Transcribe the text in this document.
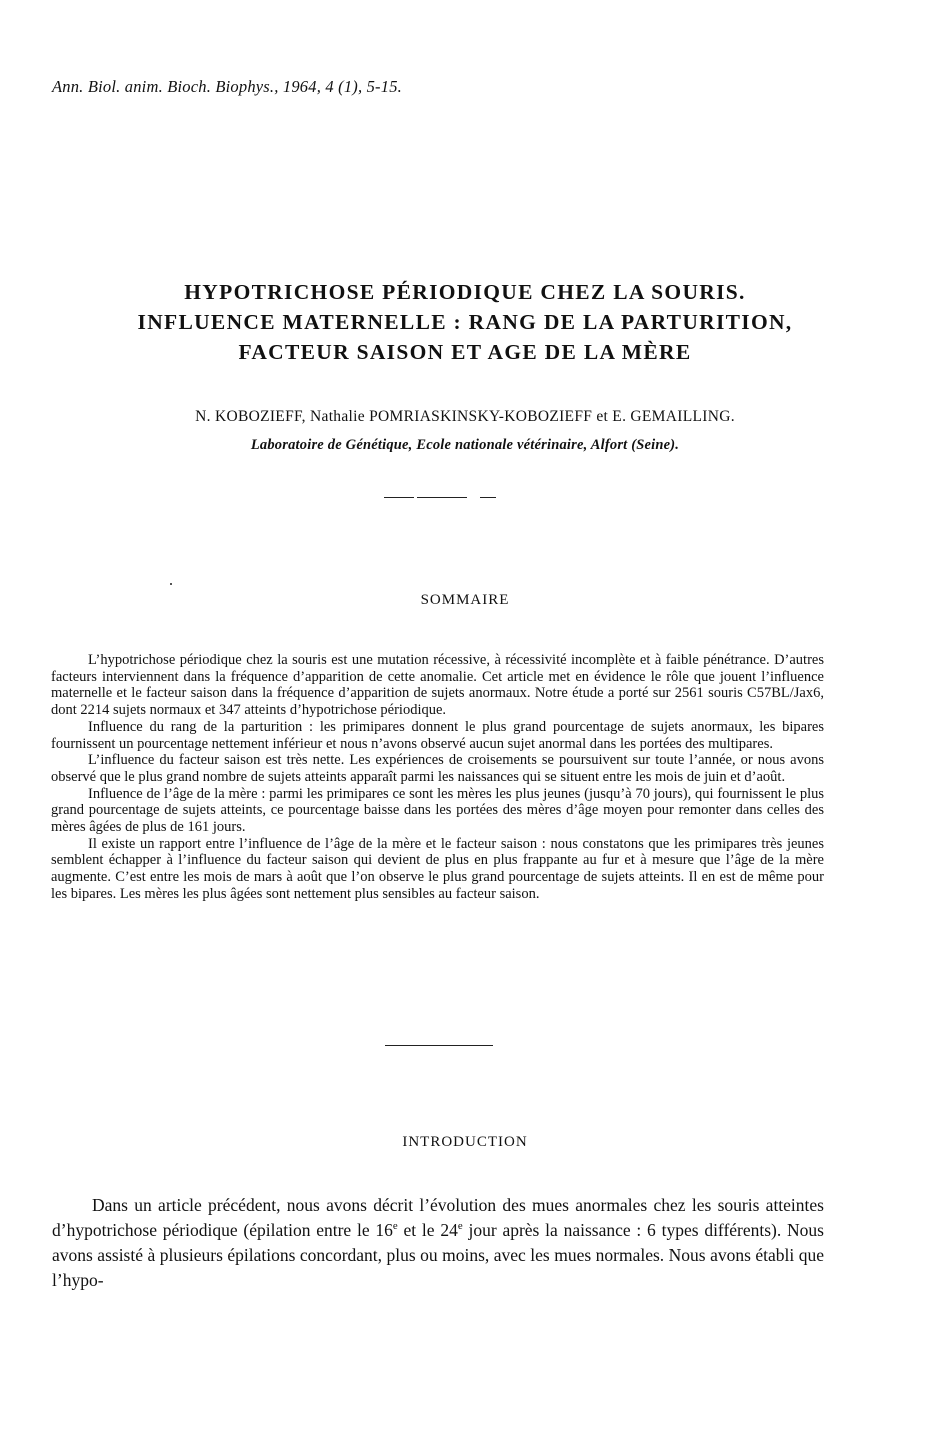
Ann. Biol. anim. Bioch. Biophys., 1964, 4 (1), 5-15.
HYPOTRICHOSE PÉRIODIQUE CHEZ LA SOURIS.
INFLUENCE MATERNELLE : RANG DE LA PARTURITION,
FACTEUR SAISON ET AGE DE LA MÈRE
N. KOBOZIEFF, Nathalie POMRIASKINSKY-KOBOZIEFF et E. GEMAILLING.
Laboratoire de Génétique, Ecole nationale vétérinaire, Alfort (Seine).
SOMMAIRE

L’hypotrichose périodique chez la souris est une mutation récessive, à récessivité incomplète et à faible pénétrance. D’autres facteurs interviennent dans la fréquence d’apparition de cette anomalie. Cet article met en évidence le rôle que jouent l’influence maternelle et le facteur saison dans la fréquence d’apparition de sujets anormaux. Notre étude a porté sur 2561 souris C57BL/Jax6, dont 2214 sujets normaux et 347 atteints d’hypotrichose périodique.

Influence du rang de la parturition : les primipares donnent le plus grand pourcentage de sujets anormaux, les bipares fournissent un pourcentage nettement inférieur et nous n’avons observé aucun sujet anormal dans les portées des multipares.

L’influence du facteur saison est très nette. Les expériences de croisements se poursuivent sur toute l’année, or nous avons observé que le plus grand nombre de sujets atteints apparaît parmi les naissances qui se situent entre les mois de juin et d’août.

Influence de l’âge de la mère : parmi les primipares ce sont les mères les plus jeunes (jusqu’à 70 jours), qui fournissent le plus grand pourcentage de sujets atteints, ce pourcentage baisse dans les portées des mères d’âge moyen pour remonter dans celles des mères âgées de plus de 161 jours.

Il existe un rapport entre l’influence de l’âge de la mère et le facteur saison : nous constatons que les primipares très jeunes semblent échapper à l’influence du facteur saison qui devient de plus en plus frappante au fur et à mesure que l’âge de la mère augmente. C’est entre les mois de mars à août que l’on observe le plus grand pourcentage de sujets atteints. Il en est de même pour les bipares. Les mères les plus âgées sont nettement plus sensibles au facteur saison.

INTRODUCTION

Dans un article précédent, nous avons décrit l’évolution des mues anormales chez les souris atteintes d’hypotrichose périodique (épilation entre le 16e et le 24e jour après la naissance : 6 types différents). Nous avons assisté à plusieurs épilations concordant, plus ou moins, avec les mues normales. Nous avons établi que l’hypo-
